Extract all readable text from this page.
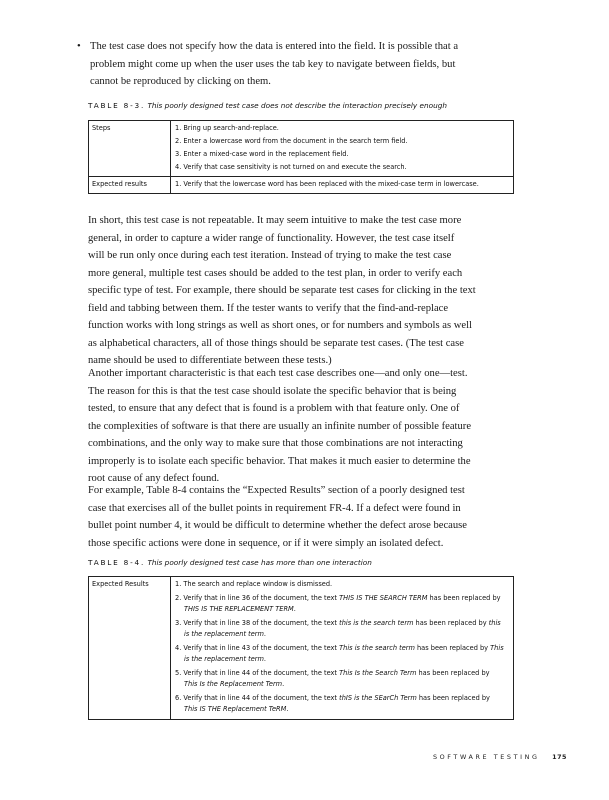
• The test case does not specify how the data is entered into the field. It is possible that a
problem might come up when the user uses the tab key to navigate between fields, but
cannot be reproduced by clicking on them.
TABLE 8-3. This poorly designed test case does not describe the interaction precisely enough
Steps	1. Bring up search-and-replace.
2. Enter a lowercase word from the document in the search term field.
3. Enter a mixed-case word in the replacement field.
4. Verify that case sensitivity is not turned on and execute the search.

Expected results	1. Verify that the lowercase word has been replaced with the mixed-case term in lowercase.
In short, this test case is not repeatable. It may seem intuitive to make the test case more
general, in order to capture a wider range of functionality. However, the test case itself
will be run only once during each test iteration. Instead of trying to make the test case
more general, multiple test cases should be added to the test plan, in order to verify each
specific type of test. For example, there should be separate test cases for clicking in the text
field and tabbing between them. If the tester wants to verify that the find-and-replace
function works with long strings as well as short ones, or for numbers and symbols as well
as alphabetical characters, all of those things should be separate test cases. (The test case
name should be used to differentiate between these tests.)
Another important characteristic is that each test case describes one—and only one—test.
The reason for this is that the test case should isolate the specific behavior that is being
tested, to ensure that any defect that is found is a problem with that feature only. One of
the complexities of software is that there are usually an infinite number of possible feature
combinations, and the only way to make sure that those combinations are not interacting
improperly is to isolate each specific behavior. That makes it much easier to determine the
root cause of any defect found.
For example, Table 8-4 contains the “Expected Results” section of a poorly designed test
case that exercises all of the bullet points in requirement FR-4. If a defect were found in
bullet point number 4, it would be difficult to determine whether the defect arose because
those specific actions were done in sequence, or if it were simply an isolated defect.
TABLE 8-4. This poorly designed test case has more than one interaction
Expected Results	1. The search and replace window is dismissed.
2. Verify that in line 36 of the document, the text THIS IS THE SEARCH TERM has been replaced by
THIS IS THE REPLACEMENT TERM.
3. Verify that in line 38 of the document, the text this is the search term has been replaced by this
is the replacement term.
4. Verify that in line 43 of the document, the text This is the search term has been replaced by This
is the replacement term.
5. Verify that in line 44 of the document, the text This Is the Search Term has been replaced by
This Is the Replacement Term.
6. Verify that in line 44 of the document, the text thIS is the SEarCh Term has been replaced by
This IS THE Replacement TeRM.
SOFTWARE TESTING 175
